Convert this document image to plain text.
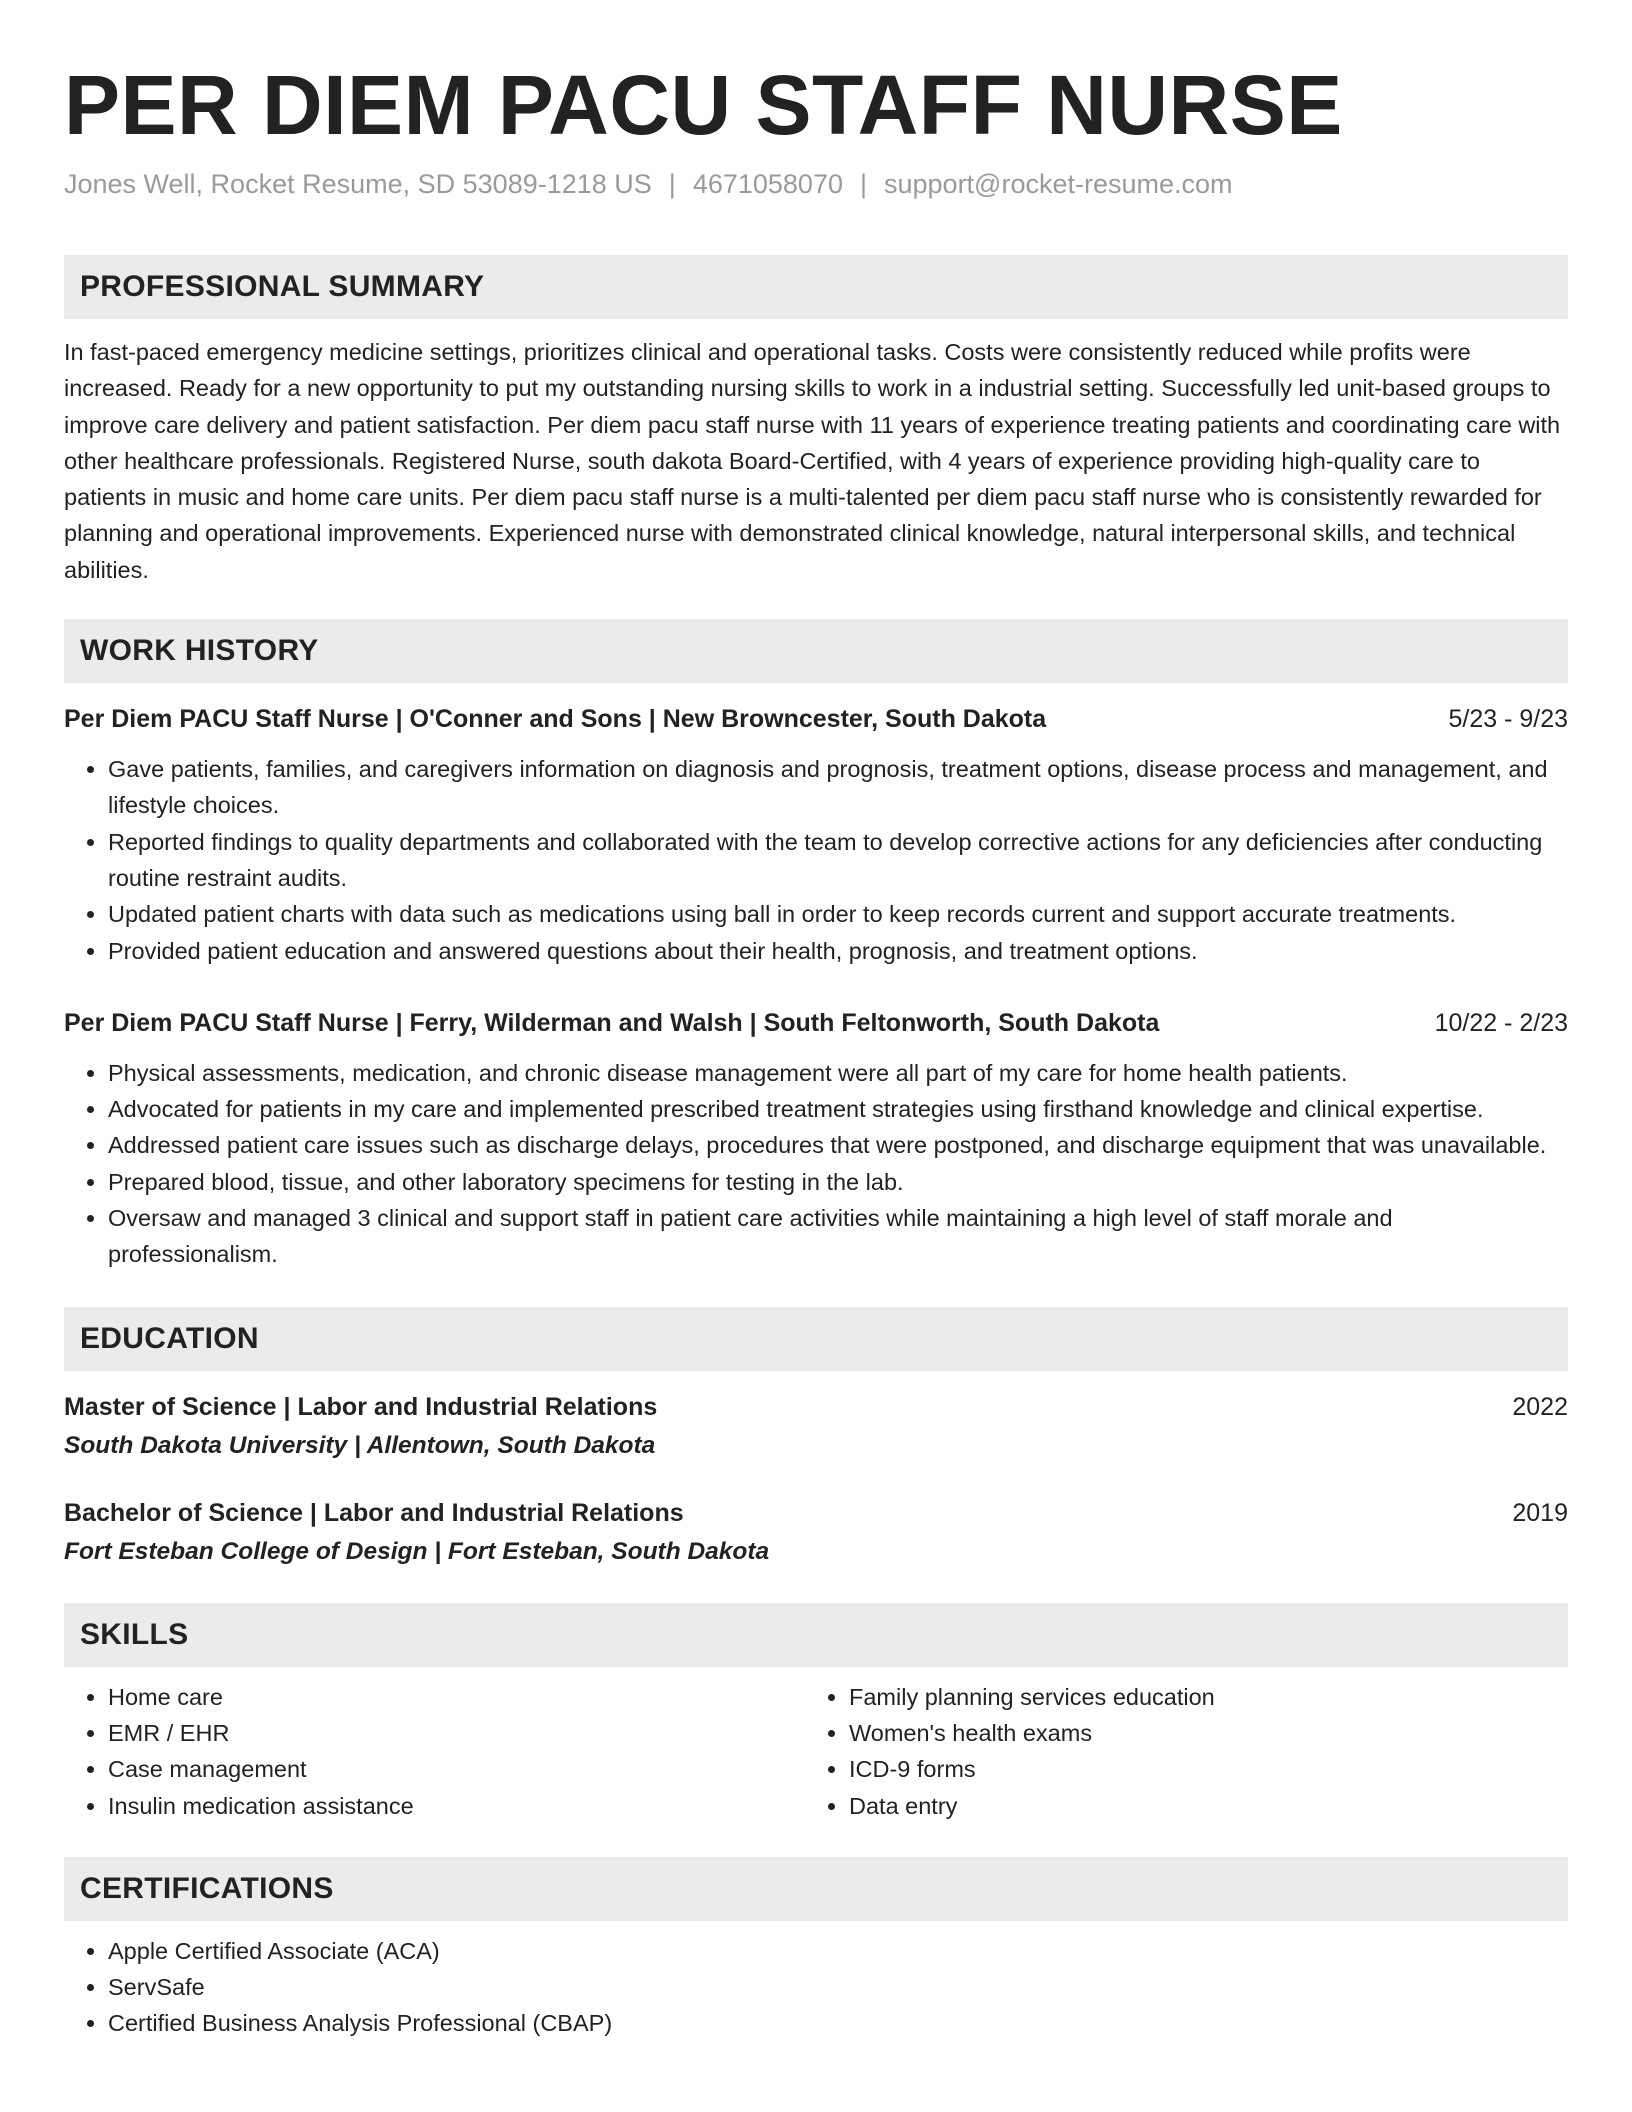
PER DIEM PACU STAFF NURSE
Jones Well, Rocket Resume, SD 53089-1218 US | 4671058070 | support@rocket-resume.com
PROFESSIONAL SUMMARY

In fast-paced emergency medicine settings, prioritizes clinical and operational tasks. Costs were consistently reduced while profits were increased. Ready for a new opportunity to put my outstanding nursing skills to work in a industrial setting. Successfully led unit-based groups to improve care delivery and patient satisfaction. Per diem pacu staff nurse with 11 years of experience treating patients and coordinating care with other healthcare professionals. Registered Nurse, south dakota Board-Certified, with 4 years of experience providing high-quality care to patients in music and home care units. Per diem pacu staff nurse is a multi-talented per diem pacu staff nurse who is consistently rewarded for planning and operational improvements. Experienced nurse with demonstrated clinical knowledge, natural interpersonal skills, and technical abilities.

WORK HISTORY
Per Diem PACU Staff Nurse | O'Conner and Sons | New Browncester, South Dakota	5/23 - 9/23
• Gave patients, families, and caregivers information on diagnosis and prognosis, treatment options, disease process and management, and lifestyle choices.
• Reported findings to quality departments and collaborated with the team to develop corrective actions for any deficiencies after conducting routine restraint audits.
• Updated patient charts with data such as medications using ball in order to keep records current and support accurate treatments.
• Provided patient education and answered questions about their health, prognosis, and treatment options.
Per Diem PACU Staff Nurse | Ferry, Wilderman and Walsh | South Feltonworth, South Dakota	10/22 - 2/23
• Physical assessments, medication, and chronic disease management were all part of my care for home health patients.
• Advocated for patients in my care and implemented prescribed treatment strategies using firsthand knowledge and clinical expertise.
• Addressed patient care issues such as discharge delays, procedures that were postponed, and discharge equipment that was unavailable.
• Prepared blood, tissue, and other laboratory specimens for testing in the lab.
• Oversaw and managed 3 clinical and support staff in patient care activities while maintaining a high level of staff morale and professionalism.
EDUCATION
Master of Science | Labor and Industrial Relations	2022
South Dakota University | Allentown, South Dakota
Bachelor of Science | Labor and Industrial Relations	2019
Fort Esteban College of Design | Fort Esteban, South Dakota
SKILLS
• Home care
• EMR / EHR
• Case management
• Insulin medication assistance
• Family planning services education
• Women's health exams
• ICD-9 forms
• Data entry
CERTIFICATIONS
• Apple Certified Associate (ACA)
• ServSafe
• Certified Business Analysis Professional (CBAP)
